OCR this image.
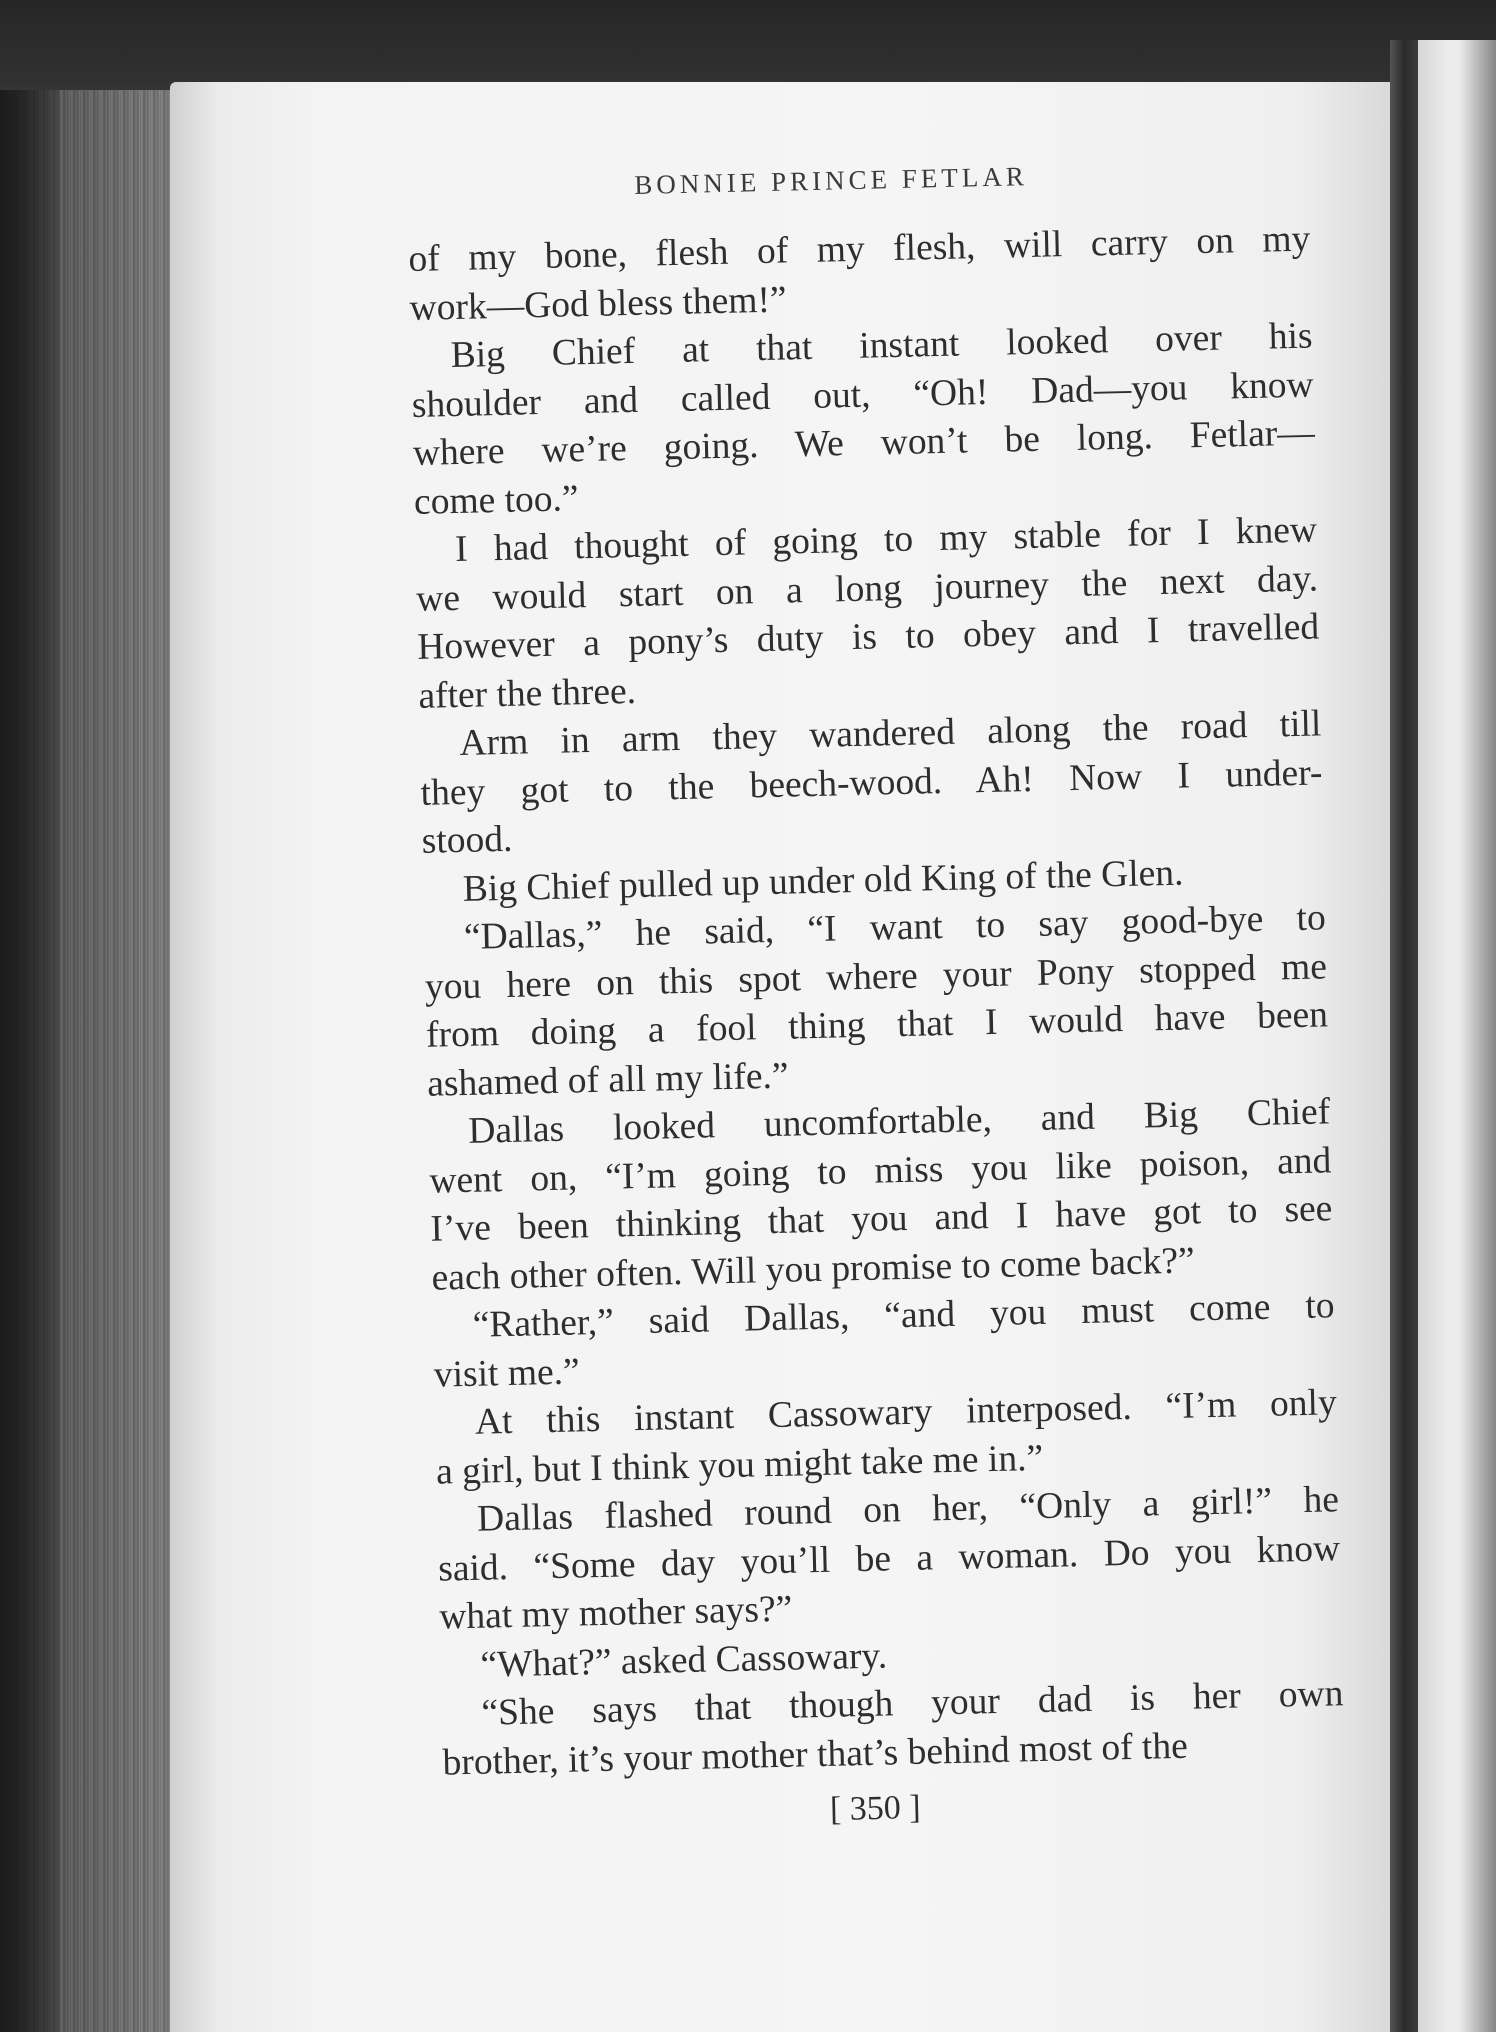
BONNIE PRINCE FETLAR
of my bone, flesh of my flesh, will carry on my
work—God bless them!”
Big Chief at that instant looked over his
shoulder and called out, “Oh! Dad—you know
where we’re going. We won’t be long. Fetlar—
come too.”
I had thought of going to my stable for I knew
we would start on a long journey the next day.
However a pony’s duty is to obey and I travelled
after the three.
Arm in arm they wandered along the road till
they got to the beech-wood. Ah! Now I under-
stood.
Big Chief pulled up under old King of the Glen.
“Dallas,” he said, “I want to say good-bye to
you here on this spot where your Pony stopped me
from doing a fool thing that I would have been
ashamed of all my life.”
Dallas looked uncomfortable, and Big Chief
went on, “I’m going to miss you like poison, and
I’ve been thinking that you and I have got to see
each other often. Will you promise to come back?”
“Rather,” said Dallas, “and you must come to
visit me.”
At this instant Cassowary interposed. “I’m only
a girl, but I think you might take me in.”
Dallas flashed round on her, “Only a girl!” he
said. “Some day you’ll be a woman. Do you know
what my mother says?”
“What?” asked Cassowary.
“She says that though your dad is her own
brother, it’s your mother that’s behind most of the
[ 350 ]
